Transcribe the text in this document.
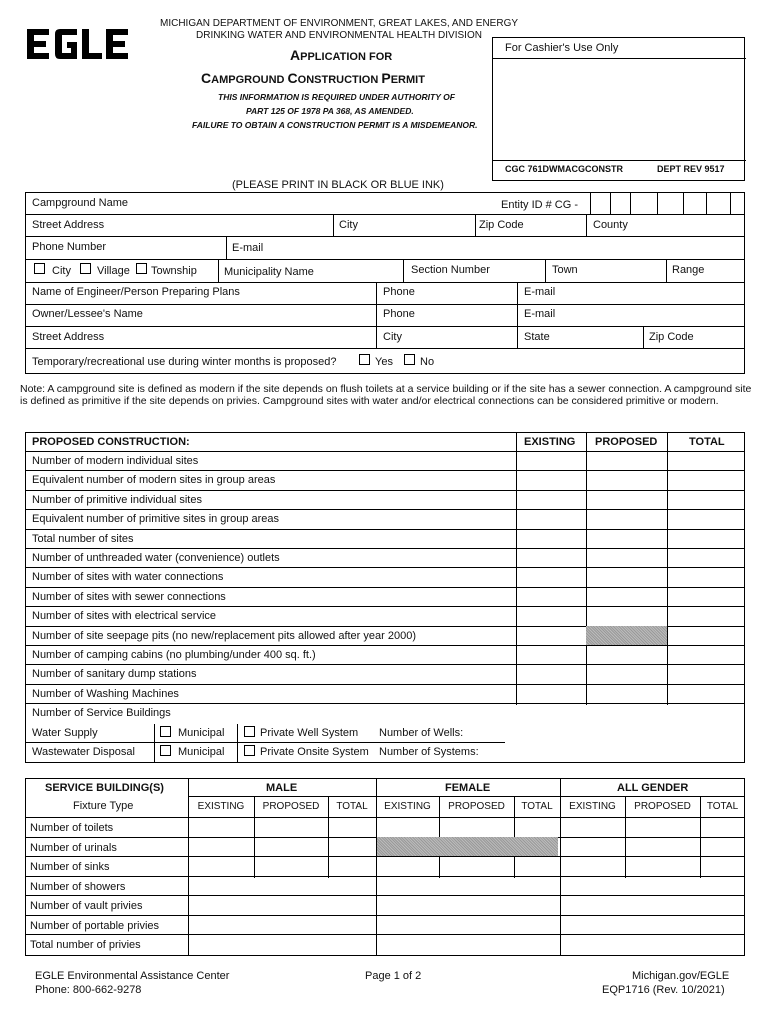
MICHIGAN DEPARTMENT OF ENVIRONMENT, GREAT LAKES, AND ENERGY
DRINKING WATER AND ENVIRONMENTAL HEALTH DIVISION
APPLICATION FOR
CAMPGROUND CONSTRUCTION PERMIT
THIS INFORMATION IS REQUIRED UNDER AUTHORITY OF
PART 125 OF 1978 PA 368, AS AMENDED.
FAILURE TO OBTAIN A CONSTRUCTION PERMIT IS A MISDEMEANOR.
For Cashier's Use Only
CGC 761DWMACGCONSTR	DEPT REV 9517
(PLEASE PRINT IN BLACK OR BLUE INK)
Campground Name	Entity ID # CG -
Street Address	City	Zip Code	County
Phone Number	E-mail
City Village Township Municipality Name	Section Number	Town	Range
Name of Engineer/Person Preparing Plans	Phone	E-mail
Owner/Lessee's Name	Phone	E-mail
Street Address	City	State	Zip Code
Temporary/recreational use during winter months is proposed?	Yes No
Note: A campground site is defined as modern if the site depends on flush toilets at a service building or if the site has a sewer connection. A campground site is defined as primitive if the site depends on privies. Campground sites with water and/or electrical connections can be considered primitive or modern.
PROPOSED CONSTRUCTION:	EXISTING PROPOSED	TOTAL
Number of modern individual sites
Equivalent number of modern sites in group areas
Number of primitive individual sites
Equivalent number of primitive sites in group areas
Total number of sites
Number of unthreaded water (convenience) outlets
Number of sites with water connections
Number of sites with sewer connections
Number of sites with electrical service
Number of site seepage pits (no new/replacement pits allowed after year 2000)
Number of camping cabins (no plumbing/under 400 sq. ft.)
Number of sanitary dump stations
Number of Washing Machines
Number of Service Buildings
Water Supply	Municipal	Private Well System Number of Wells:
Wastewater Disposal	Municipal	Private Onsite System Number of Systems:
SERVICE BUILDING(S)
Fixture Type
MALE	FEMALE	ALL GENDER
EXISTING	PROPOSED	TOTAL	EXISTING	PROPOSED	TOTAL	EXISTING	PROPOSED	TOTAL
Number of toilets
Number of urinals
Number of sinks
Number of showers
Number of vault privies
Number of portable privies
Total number of privies
EGLE Environmental Assistance Center
Phone: 800-662-9278
Page 1 of 2	Michigan.gov/EGLE
EQP1716 (Rev. 10/2021)
